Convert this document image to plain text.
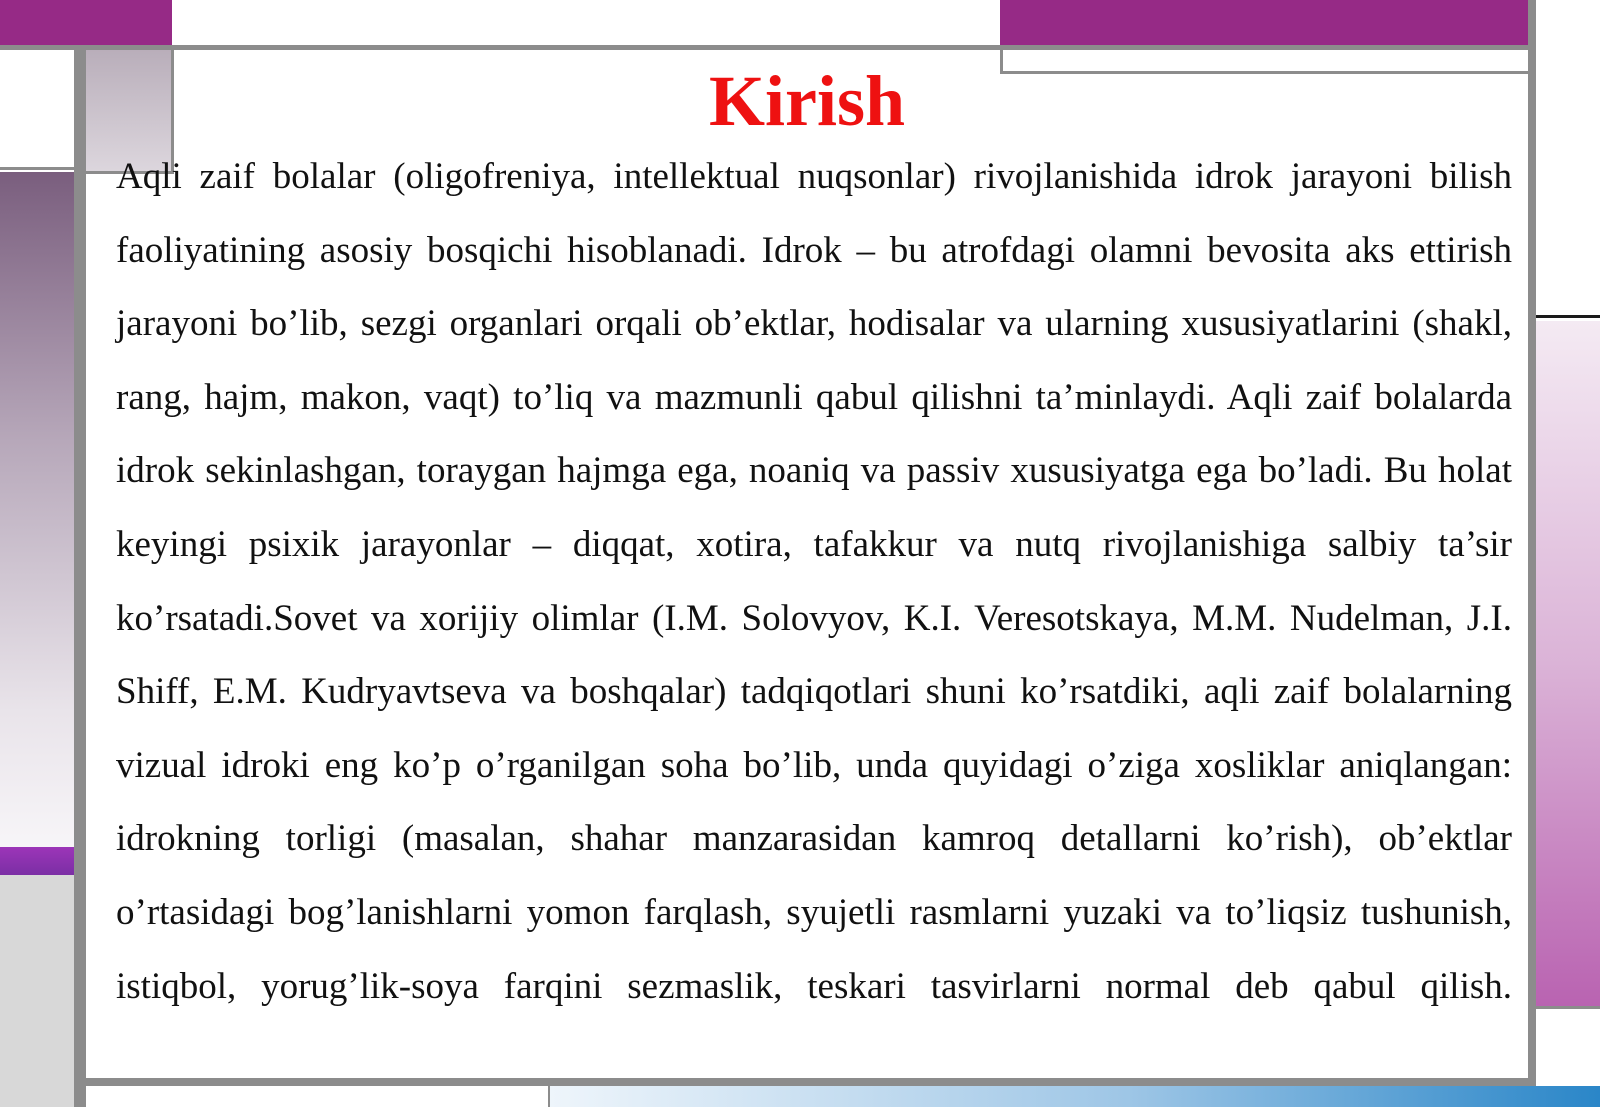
Kirish

Aqli zaif bolalar (oligofreniya, intellektual nuqsonlar) rivojlanishida idrok jarayoni bilish faoliyatining asosiy bosqichi hisoblanadi. Idrok – bu atrofdagi olamni bevosita aks ettirish jarayoni bo’lib, sezgi organlari orqali ob’ektlar, hodisalar va ularning xususiyatlarini (shakl, rang, hajm, makon, vaqt) to’liq va mazmunli qabul qilishni ta’minlaydi. Aqli zaif bolalarda idrok sekinlashgan, toraygan hajmga ega, noaniq va passiv xususiyatga ega bo’ladi. Bu holat keyingi psixik jarayonlar – diqqat, xotira, tafakkur va nutq rivojlanishiga salbiy ta’sir ko’rsatadi.Sovet va xorijiy olimlar (I.M. Solovyov, K.I. Veresotskaya, M.M. Nudelman, J.I. Shiff, E.M. Kudryavtseva va boshqalar) tadqiqotlari shuni ko’rsatdiki, aqli zaif bolalarning vizual idroki eng ko’p o’rganilgan soha bo’lib, unda quyidagi o’ziga xosliklar aniqlangan: idrokning torligi (masalan, shahar manzarasidan kamroq detallarni ko’rish), ob’ektlar o’rtasidagi bog’lanishlarni yomon farqlash, syujetli rasmlarni yuzaki va to’liqsiz tushunish, istiqbol, yorug’lik-soya farqini sezmaslik, teskari tasvirlarni normal deb qabul qilish.
